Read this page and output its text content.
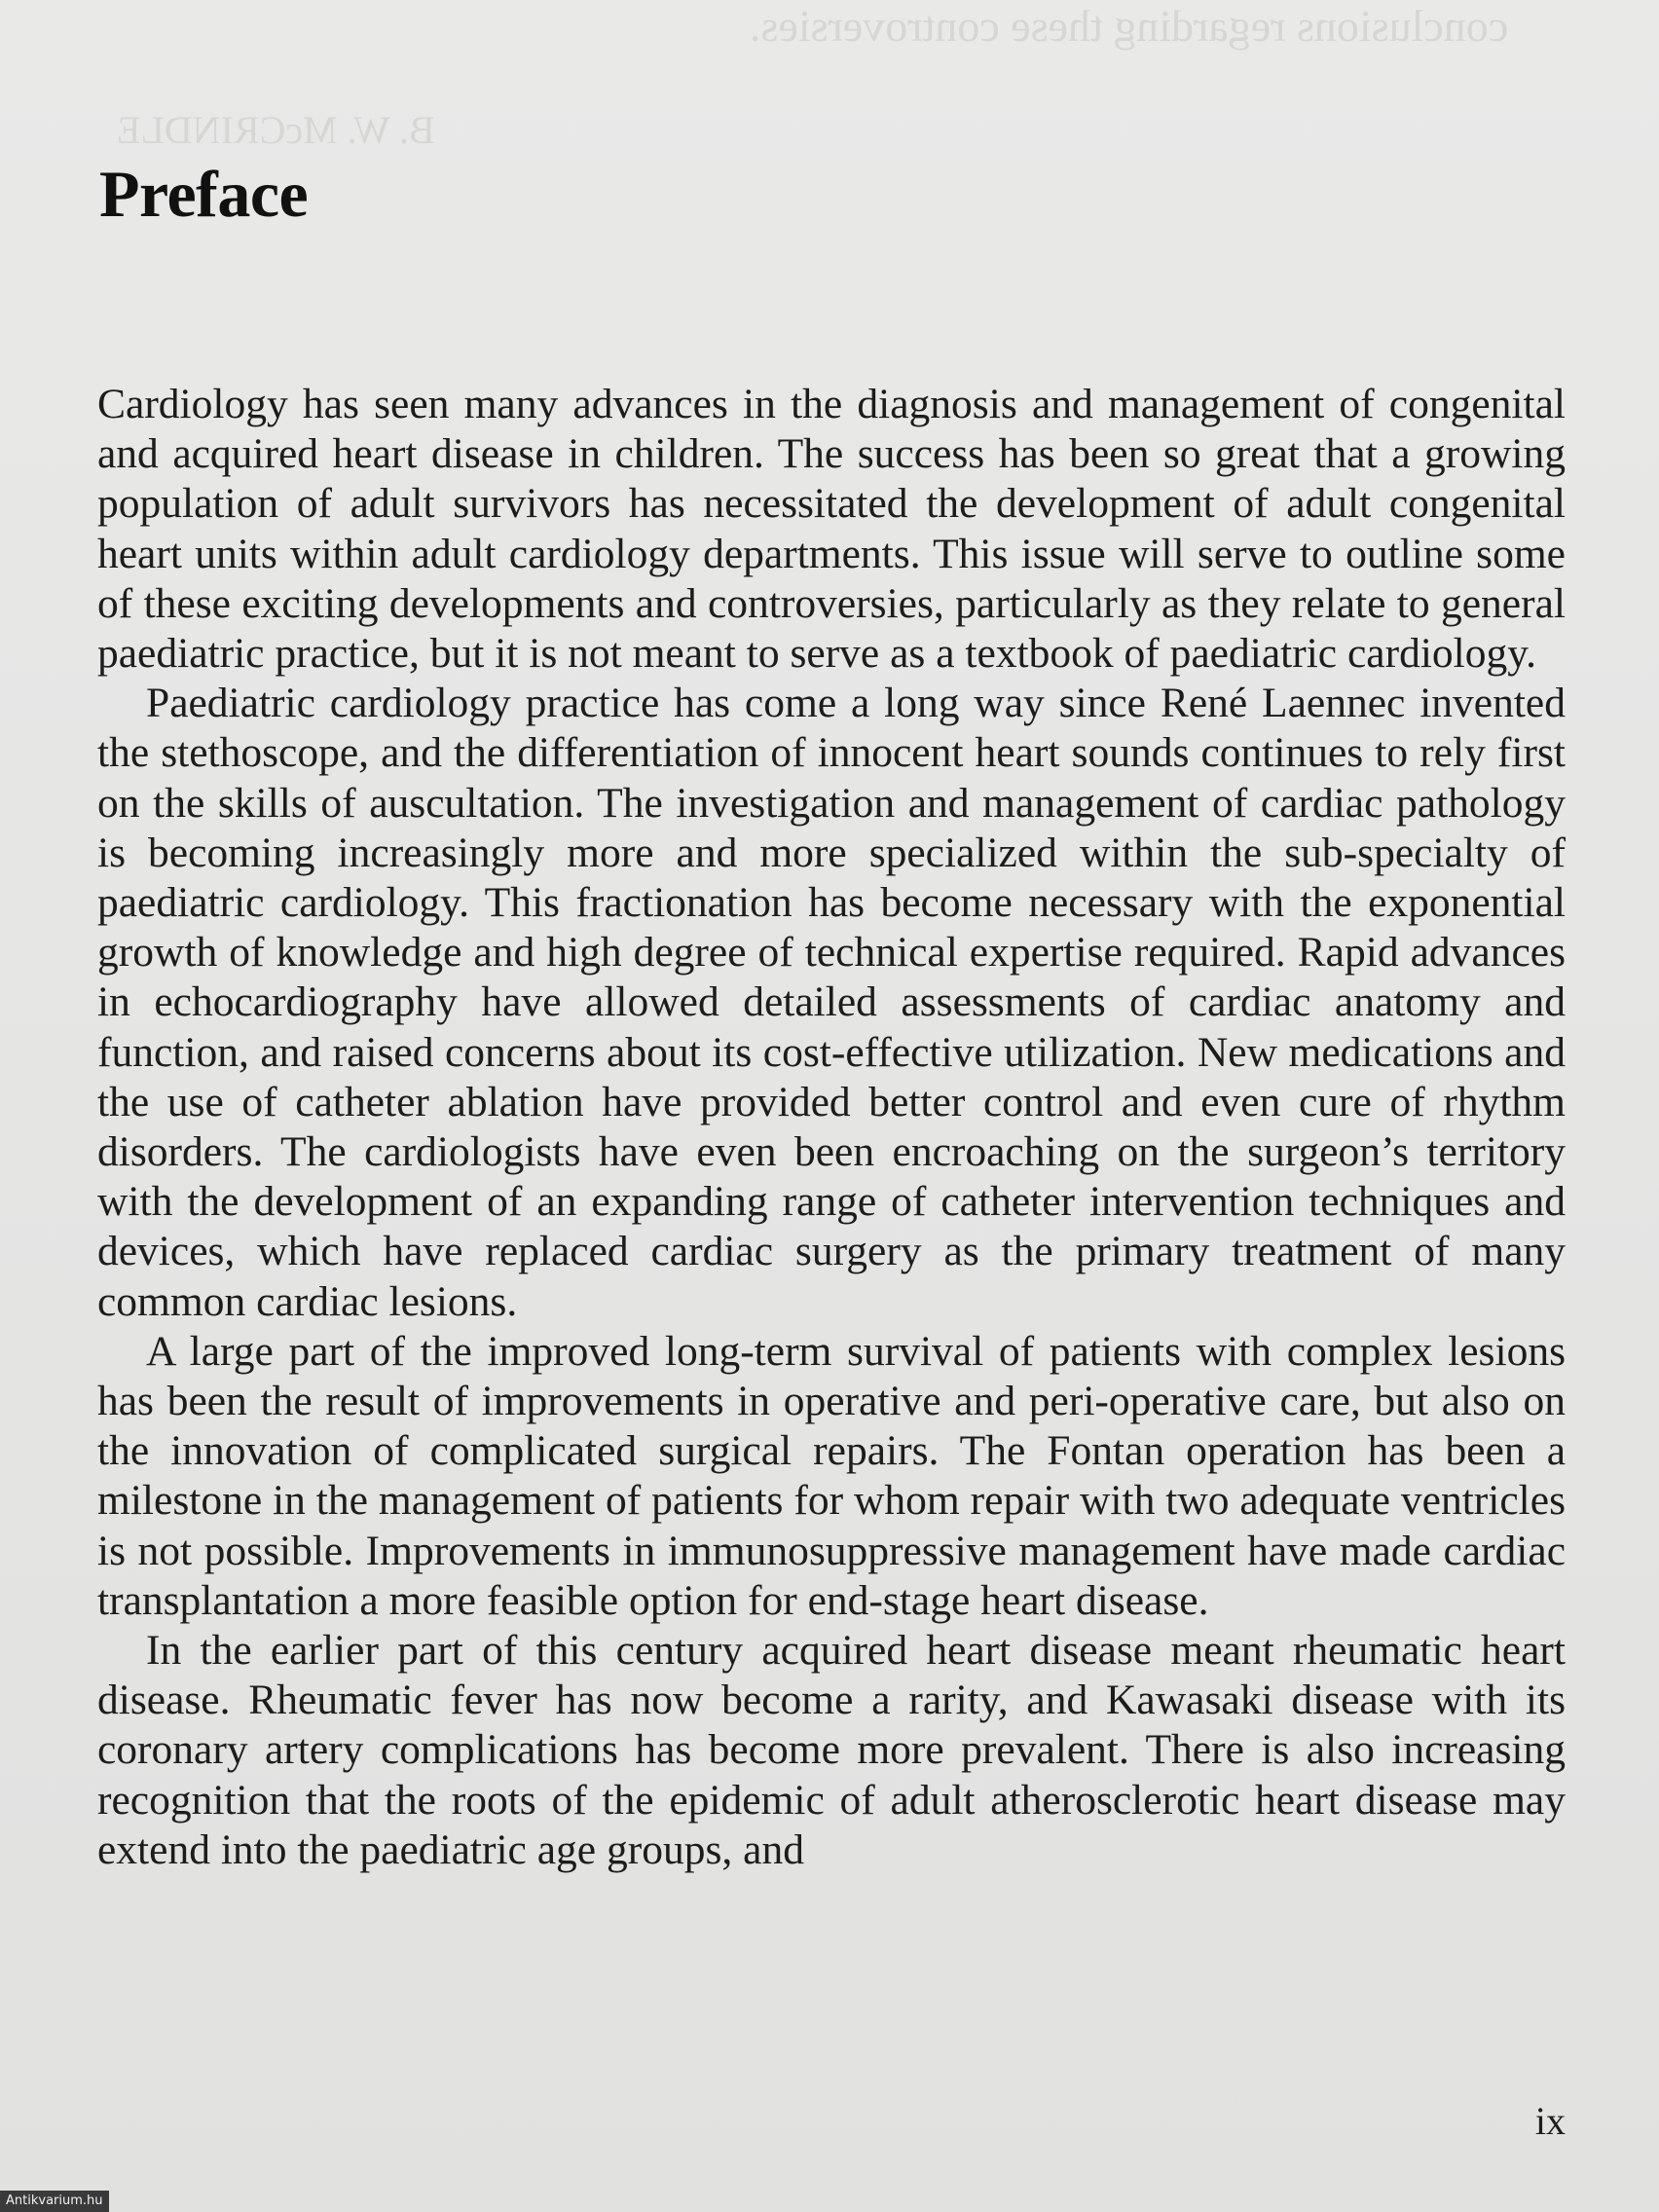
conclusions regarding these controversies.
B. W. McCRINDLE
Preface

Cardiology has seen many advances in the diagnosis and management of congenital and acquired heart disease in children. The success has been so great that a growing population of adult survivors has necessitated the development of adult congenital heart units within adult cardiology departments. This issue will serve to outline some of these exciting developments and controversies, particularly as they relate to general paediatric practice, but it is not meant to serve as a textbook of paediatric cardiology.

Paediatric cardiology practice has come a long way since René Laennec invented the stethoscope, and the differentiation of innocent heart sounds continues to rely first on the skills of auscultation. The investigation and management of cardiac pathology is becoming increasingly more and more specialized within the sub-specialty of paediatric cardiology. This fractionation has become necessary with the exponential growth of knowledge and high degree of technical expertise required. Rapid advances in echocardiography have allowed detailed assessments of cardiac anatomy and function, and raised concerns about its cost-effective utilization. New medications and the use of catheter ablation have provided better control and even cure of rhythm disorders. The cardiologists have even been encroaching on the surgeon’s territory with the development of an expanding range of catheter intervention techniques and devices, which have replaced cardiac surgery as the primary treatment of many common cardiac lesions.

A large part of the improved long-term survival of patients with complex lesions has been the result of improvements in operative and peri-operative care, but also on the innovation of complicated surgical repairs. The Fontan operation has been a milestone in the management of patients for whom repair with two adequate ventricles is not possible. Improvements in immunosuppressive management have made cardiac transplantation a more feasible option for end-stage heart disease.

In the earlier part of this century acquired heart disease meant rheumatic heart disease. Rheumatic fever has now become a rarity, and Kawasaki disease with its coronary artery complications has become more prevalent. There is also increasing recognition that the roots of the epidemic of adult atherosclerotic heart disease may extend into the paediatric age groups, and

ix
Antikvarium.hu
